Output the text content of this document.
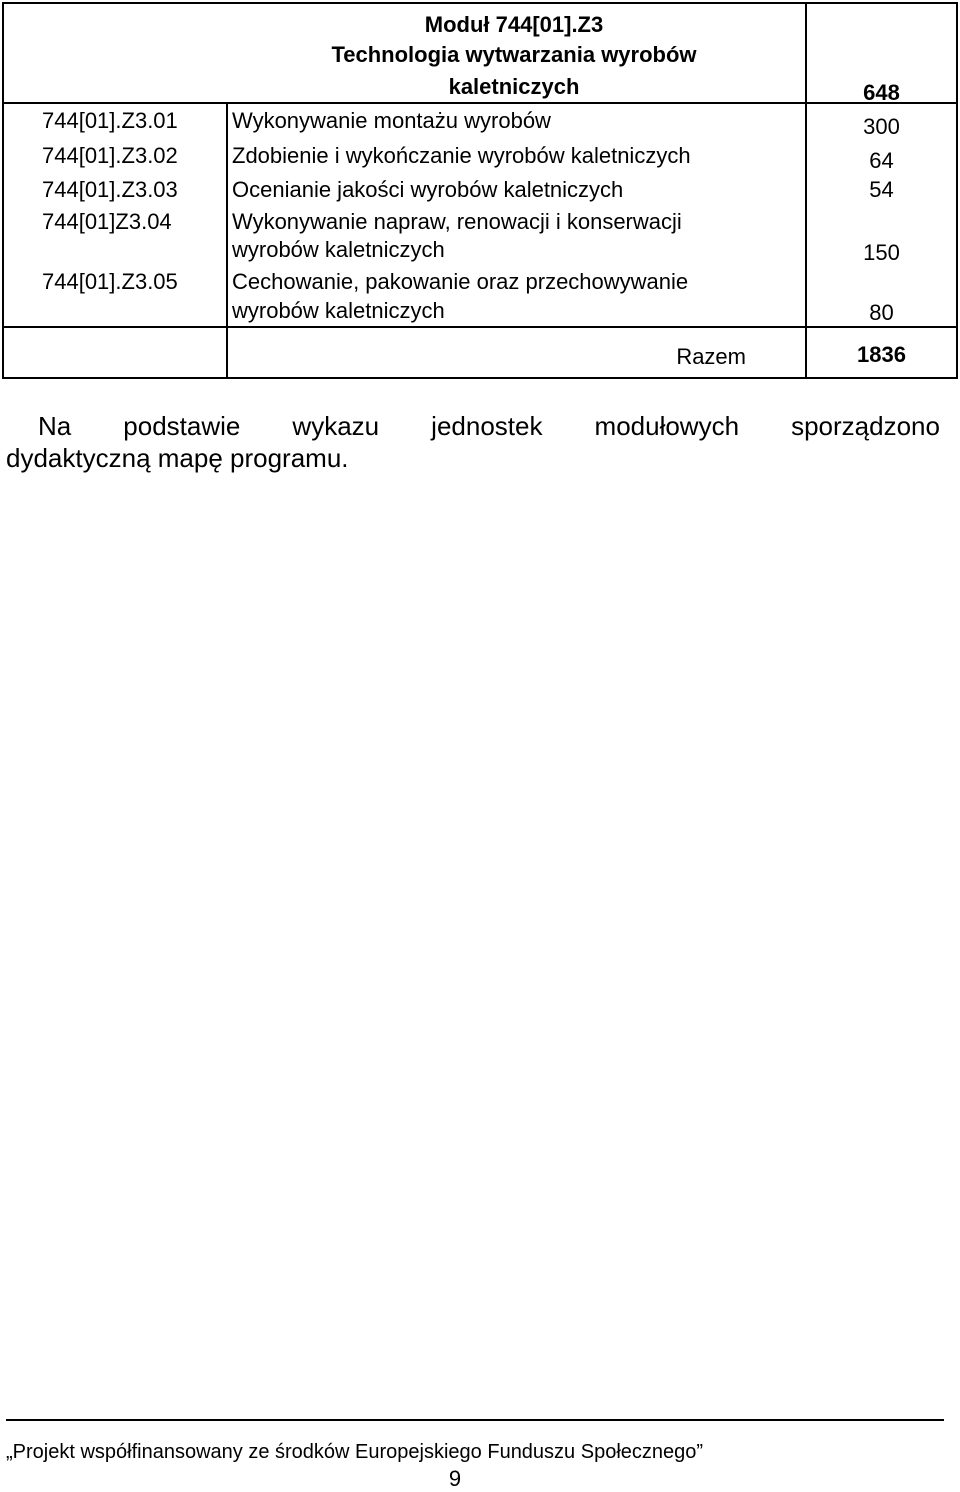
Moduł 744[01].Z3
Technologia wytwarzania wyrobów
kaletniczych	648
744[01].Z3.01 Wykonywanie montażu wyrobów	300
744[01].Z3.02 Zdobienie i wykończanie wyrobów kaletniczych	64
744[01].Z3.03 Ocenianie jakości wyrobów kaletniczych	54
744[01]Z3.04	Wykonywanie napraw, renowacji i konserwacji
wyrobów kaletniczych	150
744[01].Z3.05 Cechowanie, pakowanie oraz przechowywanie
wyrobów kaletniczych	80
Razem	1836
Na podstawie wykazu jednostek modułowych sporządzono
dydaktyczną mapę programu.
„Projekt współfinansowany ze środków Europejskiego Funduszu Społecznego”
9
